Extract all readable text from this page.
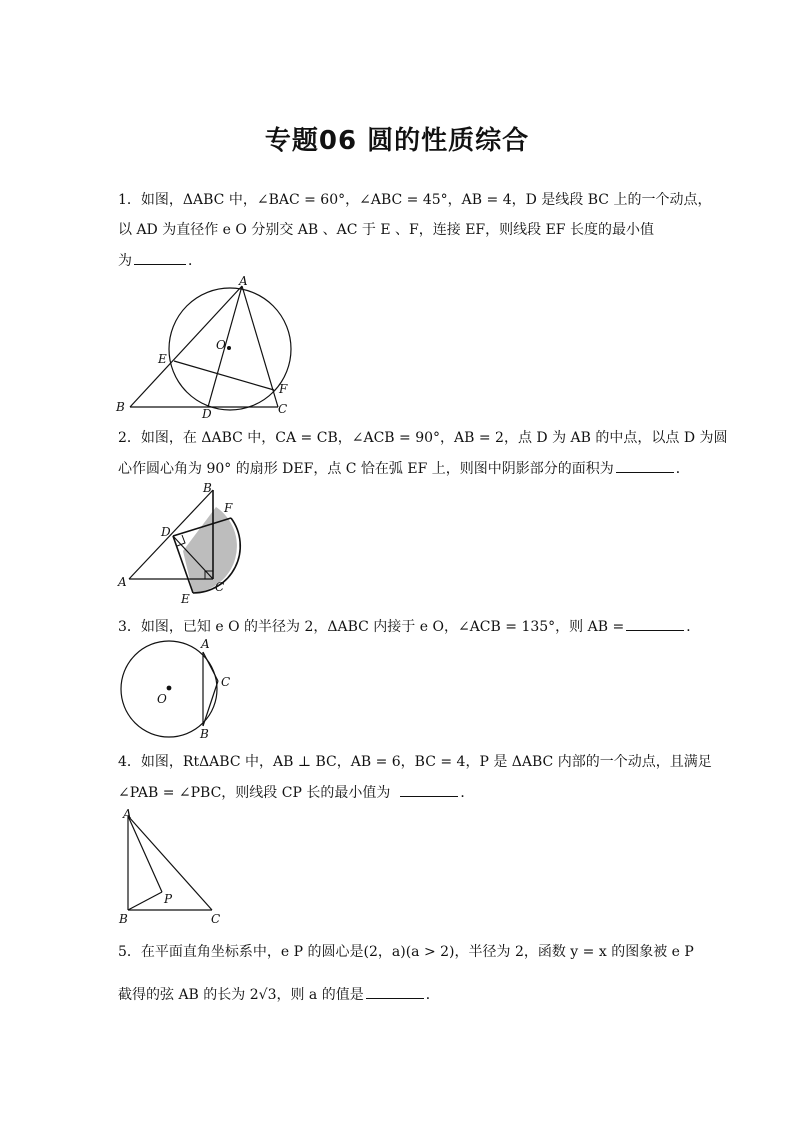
专题06 圆的性质综合
1．如图，ΔABC 中，∠BAC = 60°，∠ABC = 45°，AB = 4，D 是线段 BC 上的一个动点，
以 AD 为直径作 e O 分别交 AB 、AC 于 E 、F，连接 EF，则线段 EF 长度的最小值
为	．
A
B	C
D
E
F
O
2．如图，在 ΔABC 中，CA = CB，∠ACB = 90°，AB = 2，点 D 为 AB 的中点，以点 D 为圆
心作圆心角为 90° 的扇形 DEF，点 C 恰在弧 EF 上，则图中阴影部分的面积为	．
B
F
D
A	C
E
3．如图，已知 e O 的半径为 2，ΔABC 内接于 e O，∠ACB = 135°，则 AB =	．
A
C
B
O
4．如图，RtΔABC 中，AB ⊥ BC，AB = 6，BC = 4，P 是 ΔABC 内部的一个动点，且满足
∠PAB = ∠PBC，则线段 CP 长的最小值为	．
A
B	C
P
5．在平面直角坐标系中，e P 的圆心是(2，a)(a > 2)，半径为 2，函数 y = x 的图象被 e P
截得的弦 AB 的长为 2√3，则 a 的值是	．
